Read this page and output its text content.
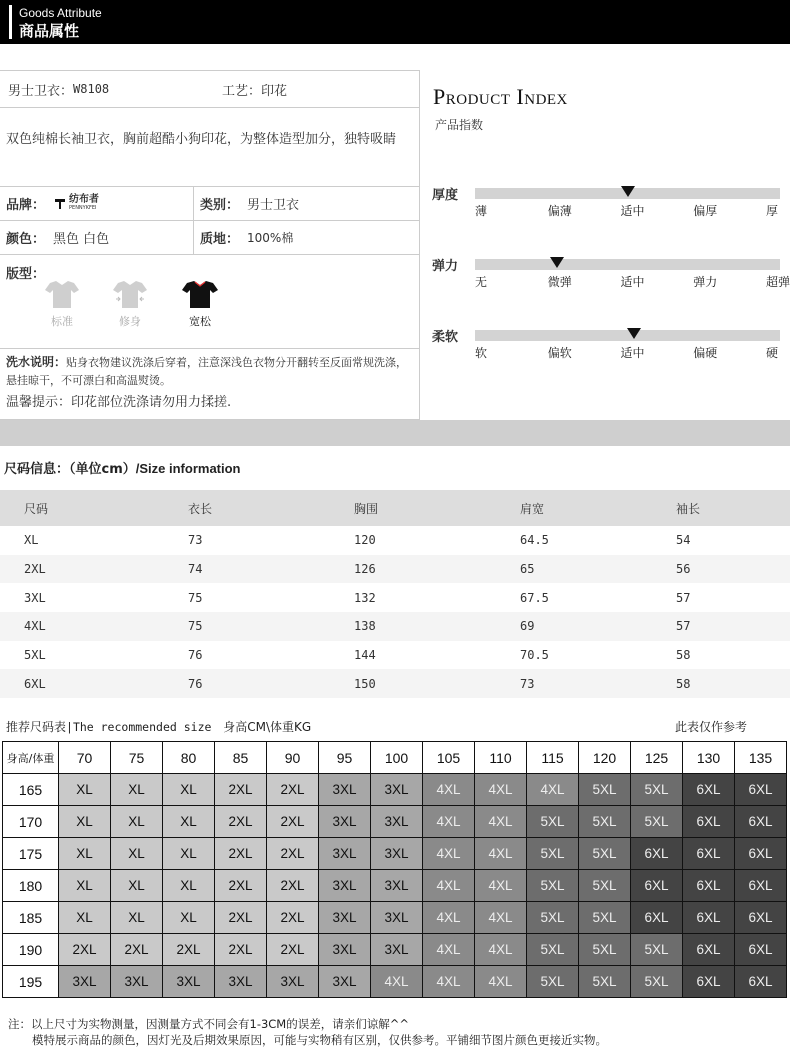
Goods Attribute
商品属性
男士卫衣： W8108	工艺： 印花
双色纯棉长袖卫衣，胸前超酷小狗印花，为整体造型加分，独特吸睛
品牌： 纺布者
PENNYKFEI	类别： 男士卫衣
颜色： 黑色 白色	质地： 100%棉
版型：
标准	修身	宽松
洗水说明：贴身衣物建议洗涤后穿着，注意深浅色衣物分开翻转至反面常规洗涤，悬挂晾干，不可漂白和高温熨烫。
温馨提示：印花部位洗涤请勿用力揉搓.
Product Index
产品指数
厚度
薄	偏薄	适中	偏厚	厚
弹力
无	微弹	适中	弹力	超弹
柔软
软	偏软	适中	偏硬	硬
尺码信息：（单位cm）/Size information
尺码	衣长	胸围	肩宽	袖长
XL	73	120	64.5	54
2XL	74	126	65	56
3XL	75	132	67.5	57
4XL	75	138	69	57
5XL	76	144	70.5	58
6XL	76	150	73	58
推荐尺码表|The recommended size 身高CM\体重KG	此表仅作参考
身高/体重	70	75	80	85	90	95	100	105	110	115	120	125	130	135
165	XL	XL	XL	2XL	2XL	3XL	3XL	4XL	4XL	4XL	5XL	5XL	6XL	6XL
170	XL	XL	XL	2XL	2XL	3XL	3XL	4XL	4XL	5XL	5XL	5XL	6XL	6XL
175	XL	XL	XL	2XL	2XL	3XL	3XL	4XL	4XL	5XL	5XL	6XL	6XL	6XL
180	XL	XL	XL	2XL	2XL	3XL	3XL	4XL	4XL	5XL	5XL	6XL	6XL	6XL
185	XL	XL	XL	2XL	2XL	3XL	3XL	4XL	4XL	5XL	5XL	6XL	6XL	6XL
190	2XL	2XL	2XL	2XL	2XL	3XL	3XL	4XL	4XL	5XL	5XL	5XL	6XL	6XL
195	3XL	3XL	3XL	3XL	3XL	3XL	4XL	4XL	4XL	5XL	5XL	5XL	6XL	6XL
注：以上尺寸为实物测量，因测量方式不同会有1-3CM的误差，请亲们谅解^^
模特展示商品的颜色，因灯光及后期效果原因，可能与实物稍有区别，仅供参考。平铺细节图片颜色更接近实物。
